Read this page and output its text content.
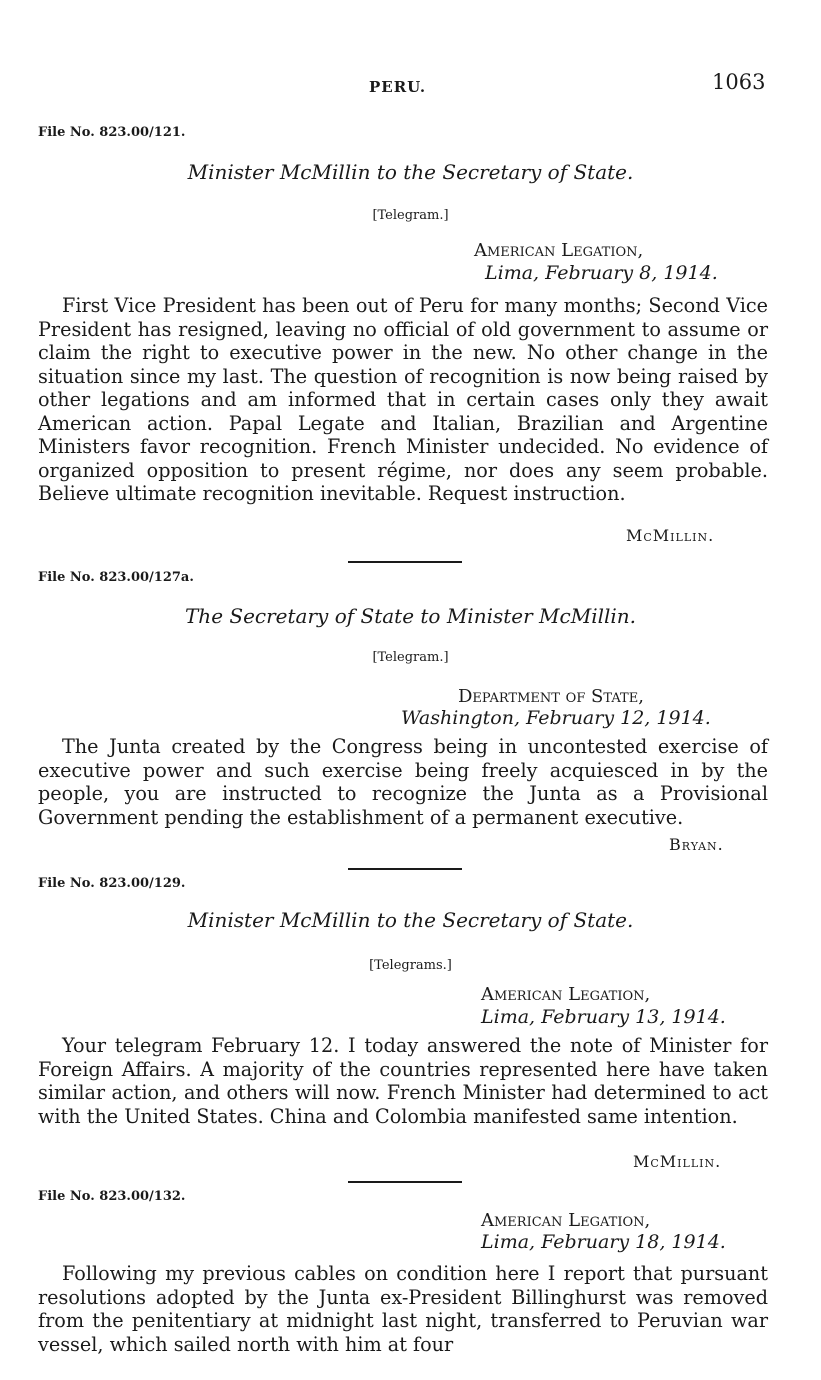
PERU.	1063
File No. 823.00/121.
Minister McMillin to the Secretary of State.
[Telegram.]
American Legation,
Lima, February 8, 1914.
First Vice President has been out of Peru for many months; Second Vice President has resigned, leaving no official of old government to assume or claim the right to executive power in the new. No other change in the situation since my last. The question of recognition is now being raised by other legations and am informed that in certain cases only they await American action. Papal Legate and Italian, Brazilian and Argentine Ministers favor recognition. French Minister undecided. No evidence of organized opposition to present régime, nor does any seem probable. Believe ultimate recognition inevitable. Request instruction.
McMillin.
File No. 823.00/127a.
The Secretary of State to Minister McMillin.
[Telegram.]
Department of State,
Washington, February 12, 1914.
The Junta created by the Congress being in uncontested exercise of executive power and such exercise being freely acquiesced in by the people, you are instructed to recognize the Junta as a Provisional Government pending the establishment of a permanent executive.
Bryan.
File No. 823.00/129.
Minister McMillin to the Secretary of State.
[Telegrams.]
American Legation,
Lima, February 13, 1914.
Your telegram February 12. I today answered the note of Minister for Foreign Affairs. A majority of the countries represented here have taken similar action, and others will now. French Minister had determined to act with the United States. China and Colombia manifested same intention.
McMillin.
File No. 823.00/132.
American Legation,
Lima, February 18, 1914.
Following my previous cables on condition here I report that pursuant resolutions adopted by the Junta ex-President Billinghurst was removed from the penitentiary at midnight last night, transferred to Peruvian war vessel, which sailed north with him at four
